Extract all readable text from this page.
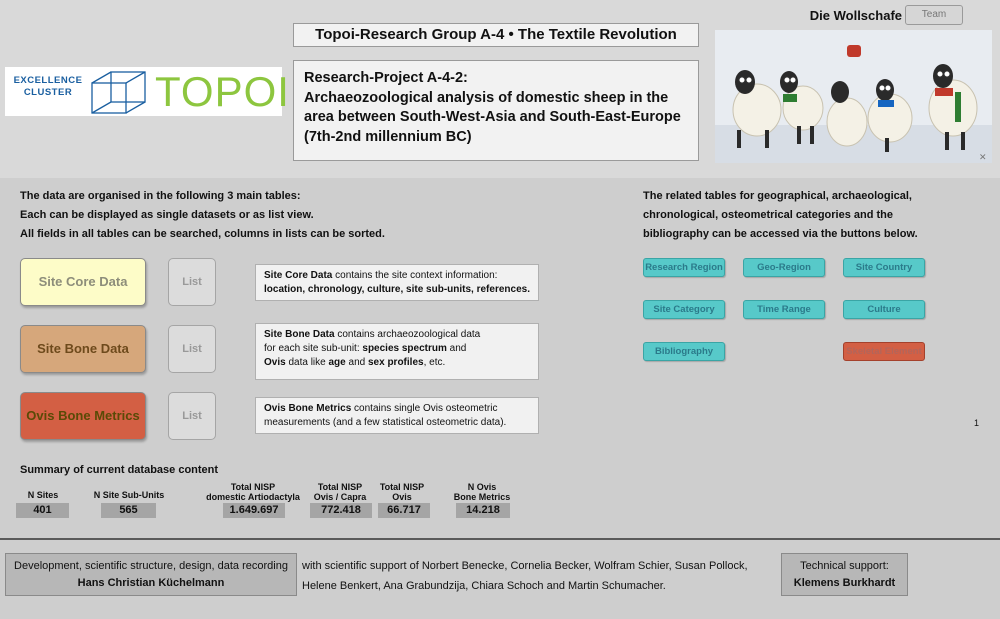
Topoi-Research Group A-4 • The Textile Revolution
Research-Project A-4-2:
Archaeozoological analysis of domestic sheep in the
area between South-West-Asia and South-East-Europe
(7th-2nd millennium BC)
Die Wollschafe	Team
EXCELLENCE
CLUSTER	TOPOI
✕
The data are organised in the following 3 main tables:
Each can be displayed as single datasets or as list view.
All fields in all tables can be searched, columns in lists can be sorted.
The related tables for geographical, archaeological,
chronological, osteometrical categories and the
bibliography can be accessed via the buttons below.
Site Core Data	List
Site Core Data contains the site context information:
location, chronology, culture, site sub-units, references.
Site Bone Data	List
Site Bone Data contains archaeozoological data
for each site sub-unit: species spectrum and
Ovis data like age and sex profiles, etc.
Ovis Bone Metrics	List
Ovis Bone Metrics contains single Ovis osteometric
measurements (and a few statistical osteometric data).
Research Region	Geo-Region	Site Country
Site Category	Time Range	Culture
Bibliography	Skeletal Element
1
Summary of current database content
N Sites
401
N Site Sub-Units
565
Total NISP
domestic Artiodactyla
1.649.697
Total NISP
Ovis / Capra
772.418
Total NISP
Ovis
66.717
N Ovis
Bone Metrics
14.218
Development, scientific structure, design, data recording
Hans Christian Küchelmann
with scientific support of Norbert Benecke, Cornelia Becker, Wolfram Schier, Susan Pollock,
Helene Benkert, Ana Grabundzija, Chiara Schoch and Martin Schumacher.
Technical support:
Klemens Burkhardt
